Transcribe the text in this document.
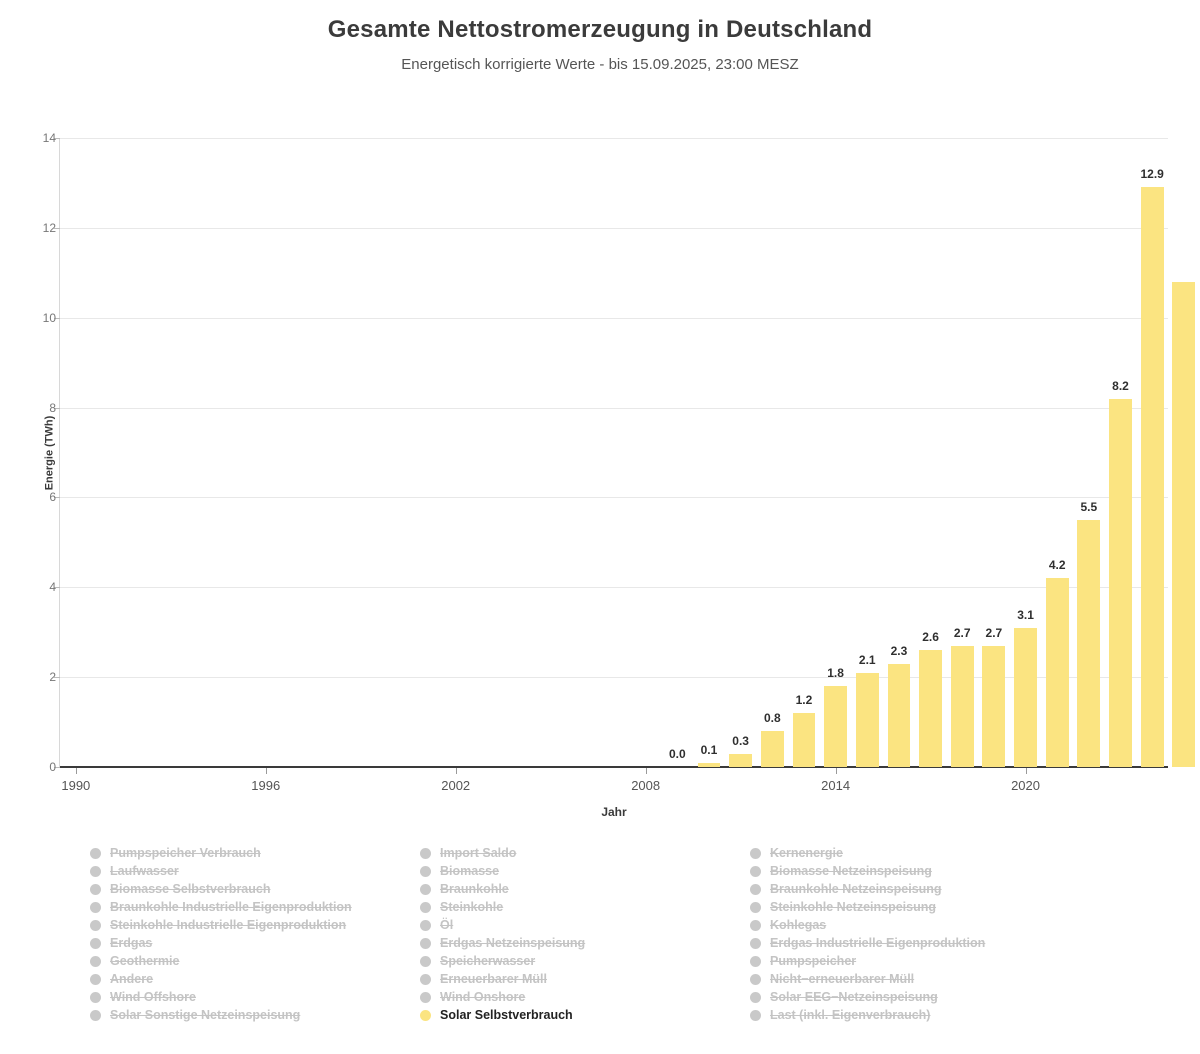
Gesamte Nettostromerzeugung in Deutschland
Energetisch korrigierte Werte - bis 15.09.2025, 23:00 MESZ
0
2
4
6
8
10
12
14
1990	1996	2002	2008	2014	2020
0.0 0.1
0.3
0.8
1.2
1.8
2.1
2.3
2.6 2.7 2.7
3.1
4.2
5.5
8.2
12.9
Energie (TWh)
Jahr
Pumpspeicher Verbrauch
Laufwasser
Biomasse Selbstverbrauch
Braunkohle Industrielle Eigenproduktion
Steinkohle Industrielle Eigenproduktion
Erdgas
Geothermie
Andere
Wind Offshore
Solar Sonstige Netzeinspeisung
Import Saldo
Biomasse
Braunkohle
Steinkohle
Öl
Erdgas Netzeinspeisung
Speicherwasser
Erneuerbarer Müll
Wind Onshore
Solar Selbstverbrauch
Kernenergie
Biomasse Netzeinspeisung
Braunkohle Netzeinspeisung
Steinkohle Netzeinspeisung
Kohlegas
Erdgas Industrielle Eigenproduktion
Pumpspeicher
Nicht−erneuerbarer Müll
Solar EEG−Netzeinspeisung
Last (inkl. Eigenverbrauch)
